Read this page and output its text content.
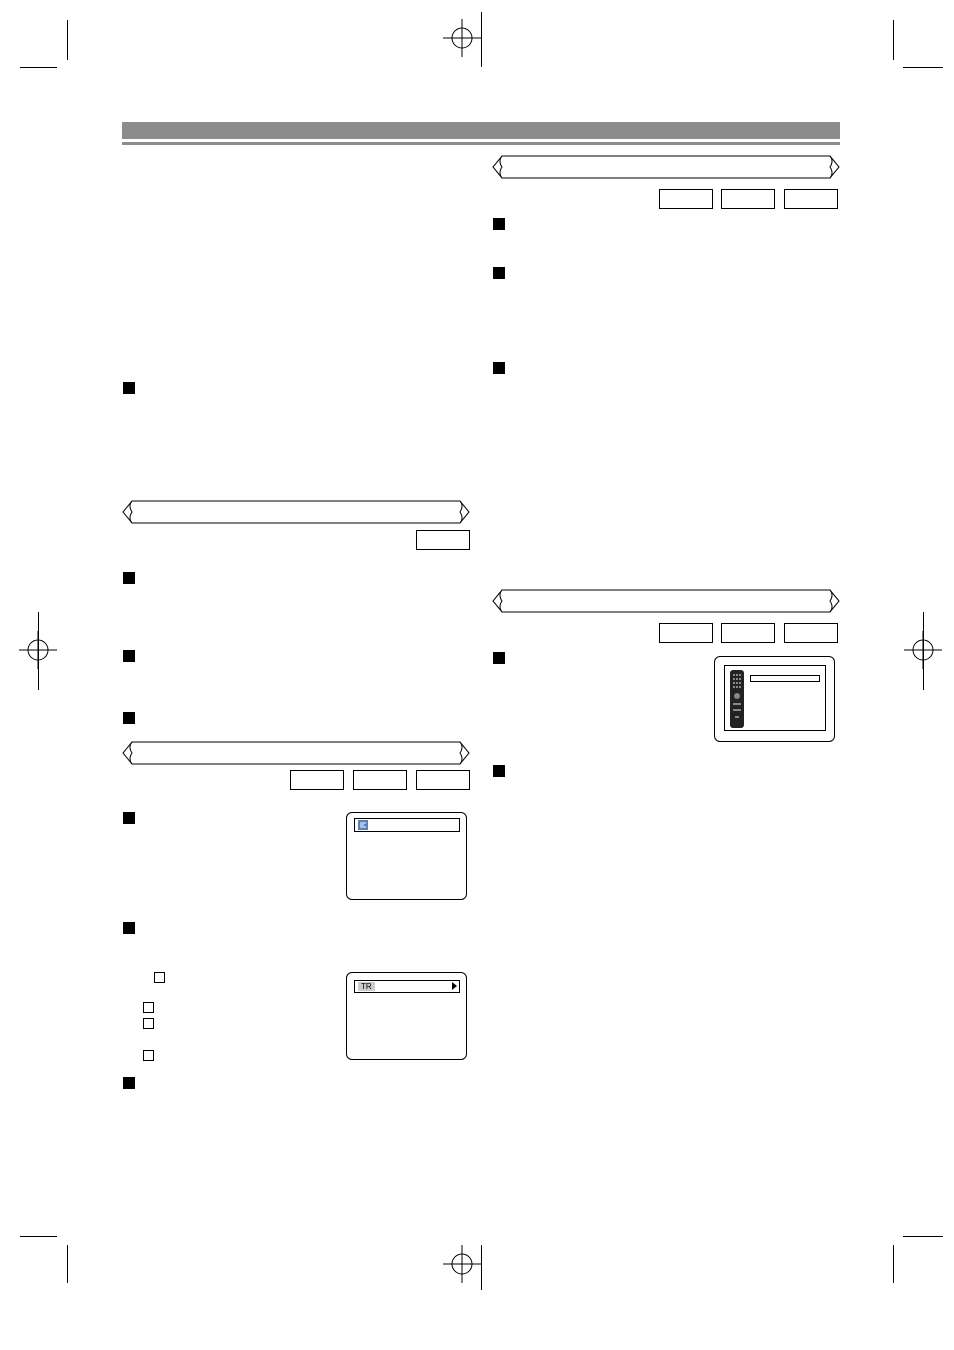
TR
